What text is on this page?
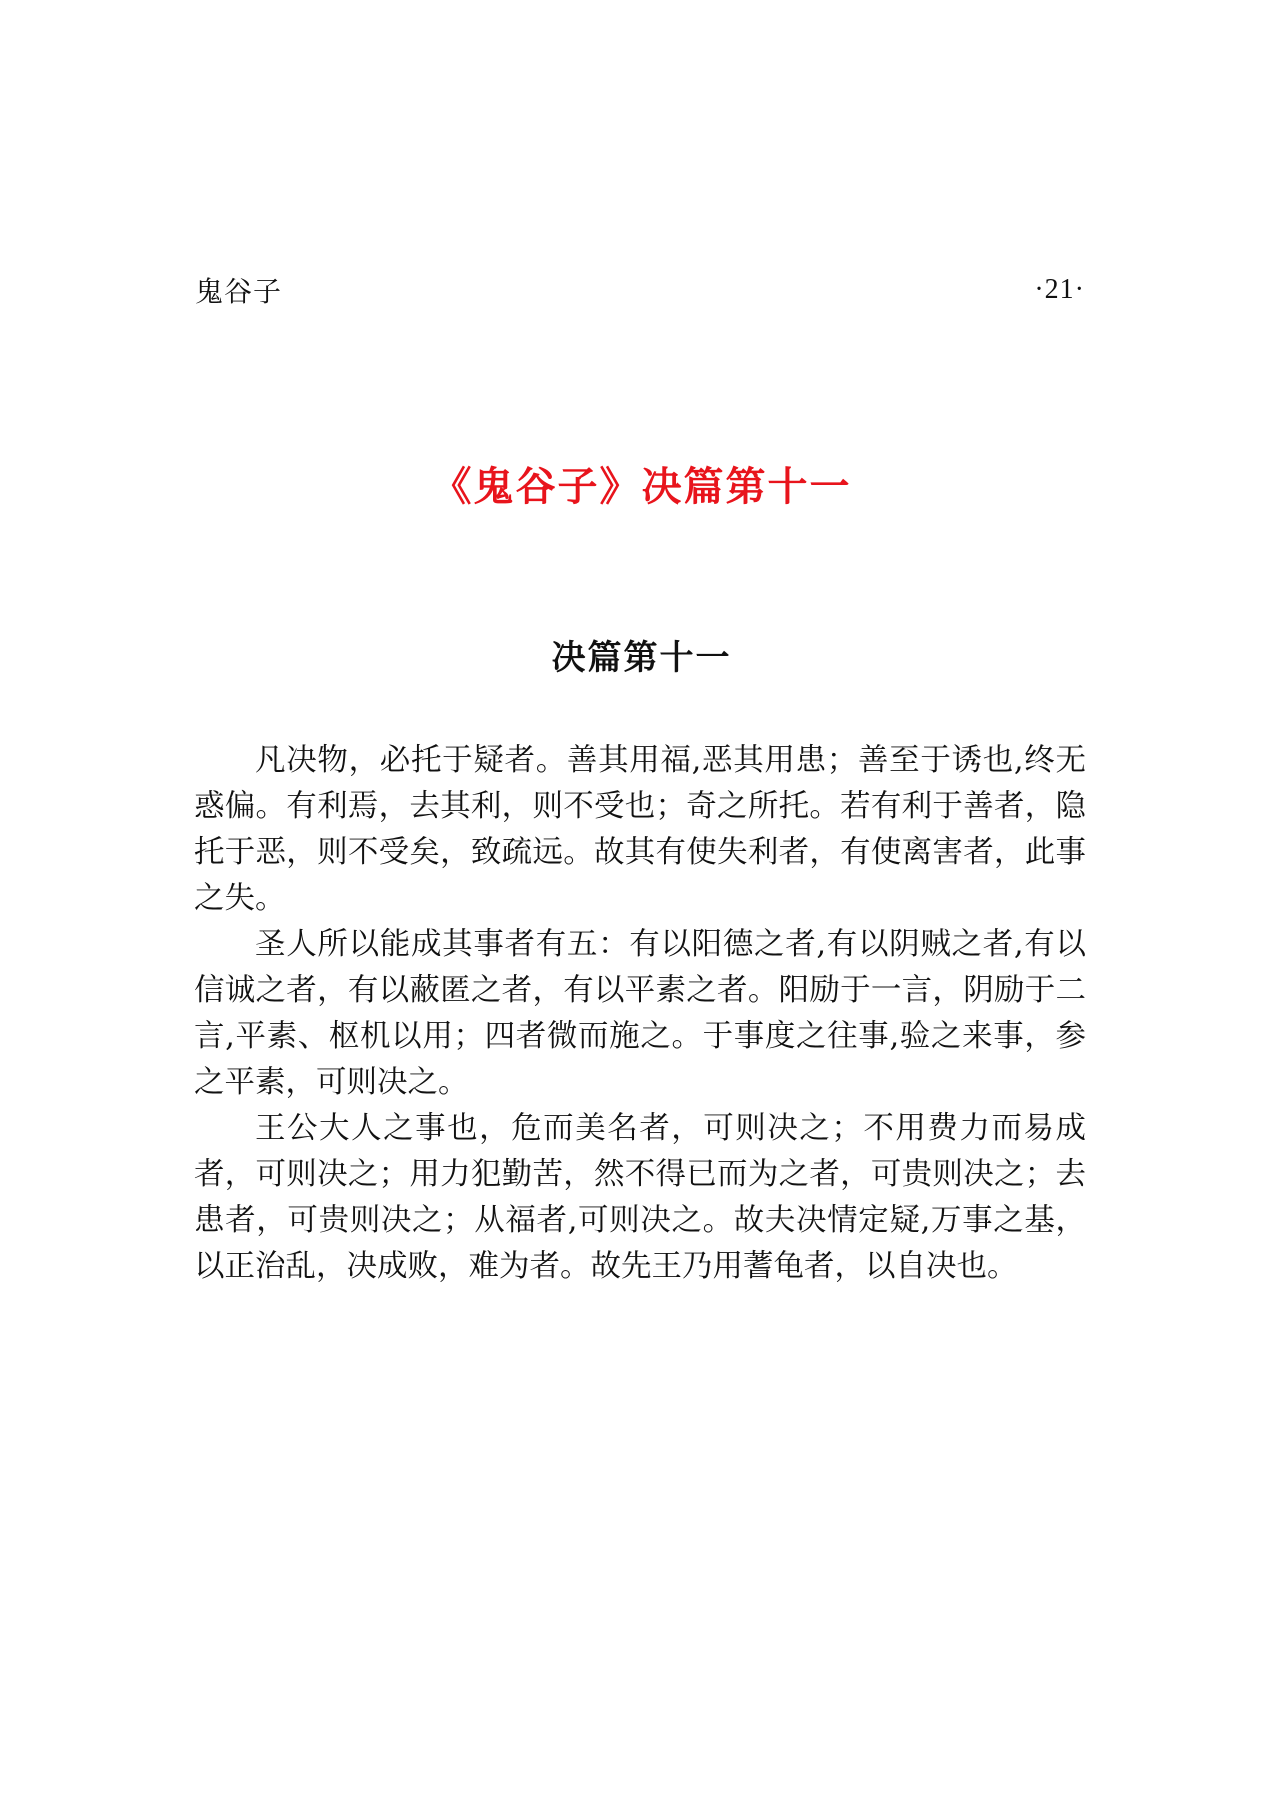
鬼谷子	·21·
《鬼谷子》决篇第十一
决篇第十一

凡决物，必托于疑者。善其用福,恶其用患；善至于诱也,终无惑偏。有利焉，去其利，则不受也；奇之所托。若有利于善者，隐托于恶，则不受矣，致疏远。故其有使失利者，有使离害者，此事之失。

圣人所以能成其事者有五：有以阳德之者,有以阴贼之者,有以信诚之者，有以蔽匿之者，有以平素之者。阳励于一言，阴励于二言,平素、枢机以用；四者微而施之。于事度之往事,验之来事，参之平素，可则决之。

王公大人之事也，危而美名者，可则决之；不用费力而易成者，可则决之；用力犯勤苦，然不得已而为之者，可贵则决之；去患者，可贵则决之；从福者,可则决之。故夫决情定疑,万事之基，以正治乱，决成败，难为者。故先王乃用蓍龟者，以自决也。
